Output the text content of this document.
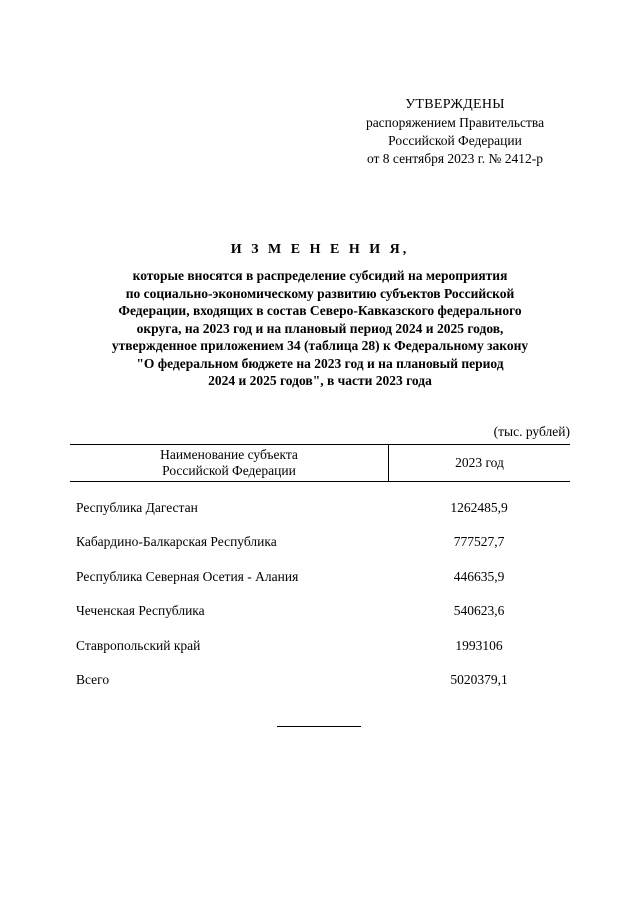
УТВЕРЖДЕНЫ
распоряжением Правительства
Российской Федерации
от 8 сентября 2023 г. № 2412-р
И З М Е Н Е Н И Я,
которые вносятся в распределение субсидий на мероприятия
по социально-экономическому развитию субъектов Российской
Федерации, входящих в состав Северо-Кавказского федерального
округа, на 2023 год и на плановый период 2024 и 2025 годов,
утвержденное приложением 34 (таблица 28) к Федеральному закону
"О федеральном бюджете на 2023 год и на плановый период
2024 и 2025 годов", в части 2023 года
(тыс. рублей)
Наименование субъекта
Российской Федерации
2023 год
Республика Дагестан	1262485,9
Кабардино-Балкарская Республика	777527,7
Республика Северная Осетия - Алания	446635,9
Чеченская Республика	540623,6
Ставропольский край	1993106
Всего	5020379,1
